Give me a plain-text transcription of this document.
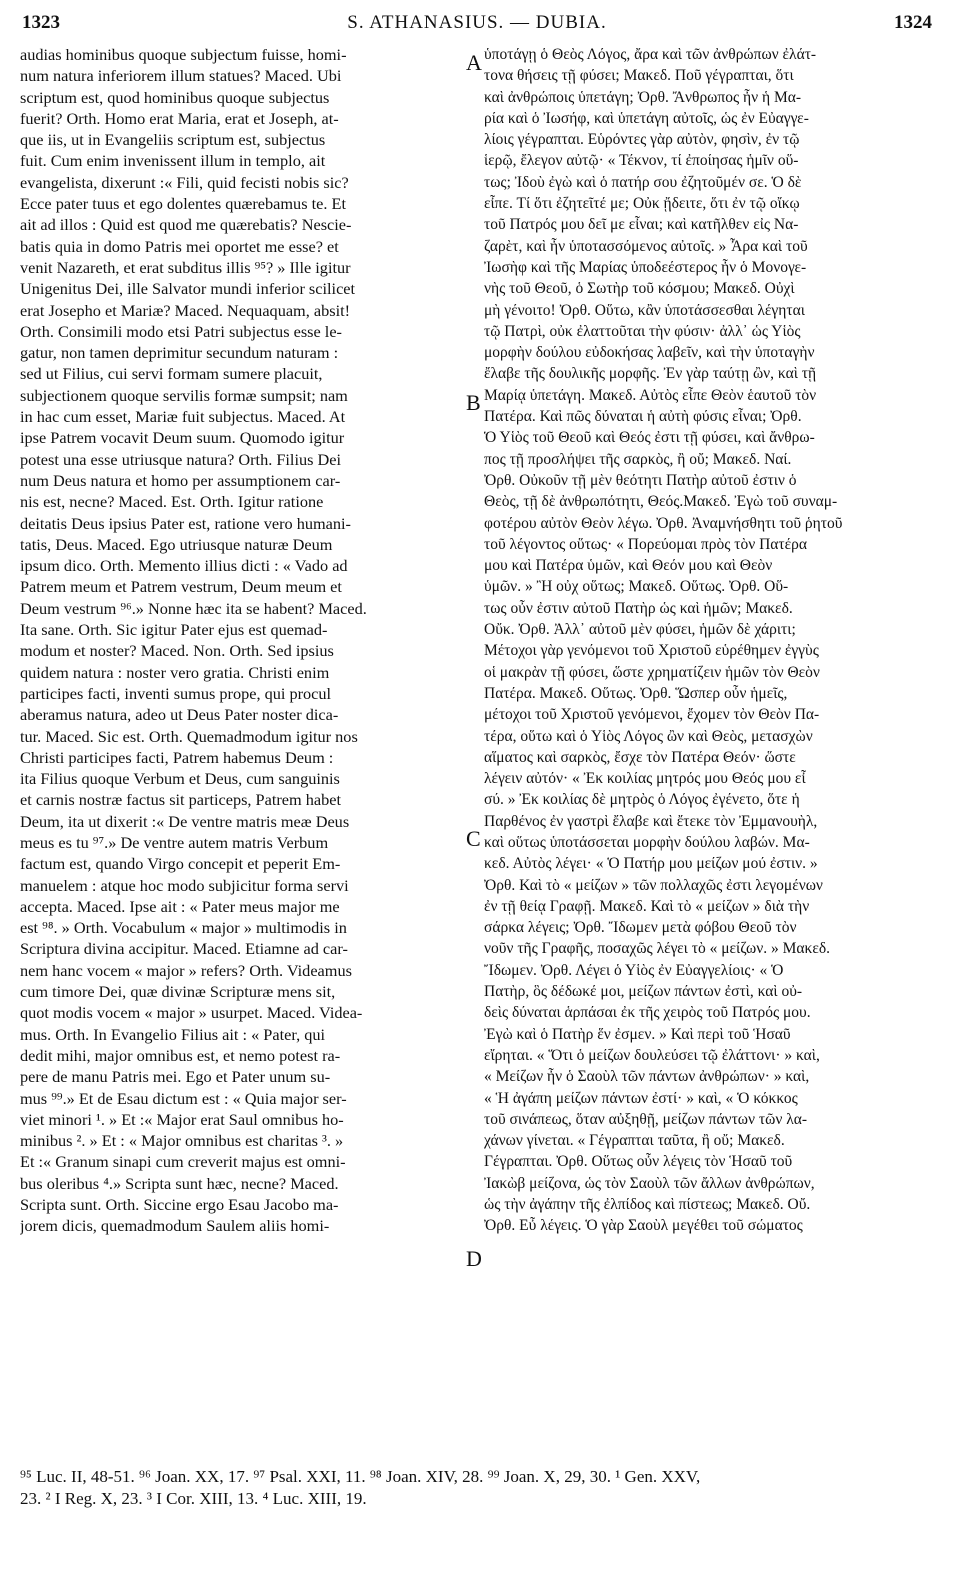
S. ATHANASIUS. — DUBIA.
1323	1324
audias hominibus quoque subjectum fuisse, homi-
num natura inferiorem illum statues? Maced. Ubi
scriptum est, quod hominibus quoque subjectus
fuerit? Orth. Homo erat Maria, erat et Joseph, at-
que iis, ut in Evangeliis scriptum est, subjectus
fuit. Cum enim invenissent illum in templo, ait
evangelista, dixerunt :« Fili, quid fecisti nobis sic?
Ecce pater tuus et ego dolentes quærebamus te. Et
ait ad illos : Quid est quod me quærebatis? Nescie-
batis quia in domo Patris mei oportet me esse? et
venit Nazareth, et erat subditus illis ⁹⁵? » Ille igitur
Unigenitus Dei, ille Salvator mundi inferior scilicet
erat Josepho et Mariæ? Maced. Nequaquam, absit!
Orth. Consimili modo etsi Patri subjectus esse le-
gatur, non tamen deprimitur secundum naturam :
sed ut Filius, cui servi formam sumere placuit,
subjectionem quoque servilis formæ sumpsit; nam
in hac cum esset, Mariæ fuit subjectus. Maced. At
ipse Patrem vocavit Deum suum. Quomodo igitur
potest una esse utriusque natura? Orth. Filius Dei
num Deus natura et homo per assumptionem car-
nis est, necne? Maced. Est. Orth. Igitur ratione
deitatis Deus ipsius Pater est, ratione vero humani-
tatis, Deus. Maced. Ego utriusque naturæ Deum
ipsum dico. Orth. Memento illius dicti : « Vado ad
Patrem meum et Patrem vestrum, Deum meum et
Deum vestrum ⁹⁶.» Nonne hæc ita se habent? Maced.
Ita sane. Orth. Sic igitur Pater ejus est quemad-
modum et noster? Maced. Non. Orth. Sed ipsius
quidem natura : noster vero gratia. Christi enim
participes facti, inventi sumus prope, qui procul
aberamus natura, adeo ut Deus Pater noster dica-
tur. Maced. Sic est. Orth. Quemadmodum igitur nos
Christi participes facti, Patrem habemus Deum :
ita Filius quoque Verbum et Deus, cum sanguinis
et carnis nostræ factus sit particeps, Patrem habet
Deum, ita ut dixerit :« De ventre matris meæ Deus
meus es tu ⁹⁷.» De ventre autem matris Verbum
factum est, quando Virgo concepit et peperit Em-
manuelem : atque hoc modo subjicitur forma servi
accepta. Maced. Ipse ait : « Pater meus major me
est ⁹⁸. » Orth. Vocabulum « major » multimodis in
Scriptura divina accipitur. Maced. Etiamne ad car-
nem hanc vocem « major » refers? Orth. Videamus
cum timore Dei, quæ divinæ Scripturæ mens sit,
quot modis vocem « major » usurpet. Maced. Videa-
mus. Orth. In Evangelio Filius ait : « Pater, qui
dedit mihi, major omnibus est, et nemo potest ra-
pere de manu Patris mei. Ego et Pater unum su-
mus ⁹⁹.» Et de Esau dictum est : « Quia major ser-
viet minori ¹. » Et :« Major erat Saul omnibus ho-
minibus ². » Et : « Major omnibus est charitas ³. »
Et :« Granum sinapi cum creverit majus est omni-
bus oleribus ⁴.» Scripta sunt hæc, necne? Maced.
Scripta sunt. Orth. Siccine ergo Esau Jacobo ma-
jorem dicis, quemadmodum Saulem aliis homi-
ὑποτάγῃ ὁ Θεὸς Λόγος, ἄρα καὶ τῶν ἀνθρώπων ἐλάτ-
τονα θήσεις τῇ φύσει; Μακεδ. Ποῦ γέγραπται, ὅτι
καὶ ἀνθρώποις ὑπετάγη; Ὀρθ. Ἄνθρωπος ἦν ἡ Μα-
ρία καὶ ὁ Ἰωσήφ, καὶ ὑπετάγη αὐτοῖς, ὡς ἐν Εὐαγγε-
λίοις γέγραπται. Εὑρόντες γὰρ αὐτὸν, φησὶν, ἐν τῷ
ἱερῷ, ἔλεγον αὐτῷ· « Τέκνον, τί ἐποίησας ἡμῖν οὕ-
τως; Ἰδοὺ ἐγὼ καὶ ὁ πατήρ σου ἐζητοῦμέν σε. Ὁ δὲ
εἶπε. Τί ὅτι ἐζητεῖτέ με; Οὐκ ᾔδειτε, ὅτι ἐν τῷ οἴκῳ
τοῦ Πατρός μου δεῖ με εἶναι; καὶ κατῆλθεν εἰς Να-
ζαρὲτ, καὶ ἦν ὑποτασσόμενος αὐτοῖς. » Ἆρα καὶ τοῦ
Ἰωσὴφ καὶ τῆς Μαρίας ὑποδεέστερος ἦν ὁ Μονογε-
νὴς τοῦ Θεοῦ, ὁ Σωτὴρ τοῦ κόσμου; Μακεδ. Οὐχὶ
μὴ γένοιτο! Ὀρθ. Οὕτω, κἂν ὑποτάσσεσθαι λέγηται
τῷ Πατρὶ, οὐκ ἐλαττοῦται τὴν φύσιν· ἀλλ᾽ ὡς Υἱὸς
μορφὴν δούλου εὐδοκήσας λαβεῖν, καὶ τὴν ὑποταγὴν
ἔλαβε τῆς δουλικῆς μορφῆς. Ἐν γὰρ ταύτῃ ὢν, καὶ τῇ
Μαρίᾳ ὑπετάγη. Μακεδ. Αὐτὸς εἶπε Θεὸν ἑαυτοῦ τὸν
Πατέρα. Καὶ πῶς δύναται ἡ αὐτὴ φύσις εἶναι; Ὀρθ.
Ὁ Υἱὸς τοῦ Θεοῦ καὶ Θεός ἐστι τῇ φύσει, καὶ ἄνθρω-
πος τῇ προσλήψει τῆς σαρκὸς, ἢ οὔ; Μακεδ. Ναί.
Ὀρθ. Οὐκοῦν τῇ μὲν θεότητι Πατὴρ αὐτοῦ ἐστιν ὁ
Θεὸς, τῇ δὲ ἀνθρωπότητι, Θεός.Μακεδ. Ἐγὼ τοῦ συναμ-
φοτέρου αὐτὸν Θεὸν λέγω. Ὀρθ. Ἀναμνήσθητι τοῦ ῥητοῦ
τοῦ λέγοντος οὕτως· « Πορεύομαι πρὸς τὸν Πατέρα
μου καὶ Πατέρα ὑμῶν, καὶ Θεόν μου καὶ Θεὸν
ὑμῶν. » Ἢ οὐχ οὕτως; Μακεδ. Οὕτως. Ὀρθ. Οὕ-
τως οὖν ἐστιν αὐτοῦ Πατὴρ ὡς καὶ ἡμῶν; Μακεδ.
Οὔκ. Ὀρθ. Ἀλλ᾽ αὐτοῦ μὲν φύσει, ἡμῶν δὲ χάριτι;
Μέτοχοι γὰρ γενόμενοι τοῦ Χριστοῦ εὑρέθημεν ἐγγὺς
οἱ μακρὰν τῇ φύσει, ὥστε χρηματίζειν ἡμῶν τὸν Θεὸν
Πατέρα. Μακεδ. Οὕτως. Ὀρθ. Ὥσπερ οὖν ἡμεῖς,
μέτοχοι τοῦ Χριστοῦ γενόμενοι, ἔχομεν τὸν Θεὸν Πα-
τέρα, οὕτω καὶ ὁ Υἱὸς Λόγος ὢν καὶ Θεὸς, μετασχὼν
αἵματος καὶ σαρκὸς, ἔσχε τὸν Πατέρα Θεόν· ὥστε
λέγειν αὐτόν· « Ἐκ κοιλίας μητρός μου Θεός μου εἶ
σύ. » Ἐκ κοιλίας δὲ μητρὸς ὁ Λόγος ἐγένετο, ὅτε ἡ
Παρθένος ἐν γαστρὶ ἔλαβε καὶ ἔτεκε τὸν Ἐμμανουὴλ,
καὶ οὕτως ὑποτάσσεται μορφὴν δούλου λαβών. Μα-
κεδ. Αὐτὸς λέγει· « Ὁ Πατήρ μου μείζων μού ἐστιν. »
Ὀρθ. Καὶ τὸ « μείζων » τῶν πολλαχῶς ἐστι λεγομένων
ἐν τῇ θείᾳ Γραφῇ. Μακεδ. Καὶ τὸ « μείζων » διὰ τὴν
σάρκα λέγεις; Ὀρθ. Ἴδωμεν μετὰ φόβου Θεοῦ τὸν
νοῦν τῆς Γραφῆς, ποσαχῶς λέγει τὸ « μείζων. » Μακεδ.
Ἴδωμεν. Ὀρθ. Λέγει ὁ Υἱὸς ἐν Εὐαγγελίοις· « Ὁ
Πατὴρ, ὃς δέδωκέ μοι, μείζων πάντων ἐστὶ, καὶ οὐ-
δεὶς δύναται ἁρπάσαι ἐκ τῆς χειρὸς τοῦ Πατρός μου.
Ἐγὼ καὶ ὁ Πατὴρ ἕν ἐσμεν. » Καὶ περὶ τοῦ Ἡσαῦ
εἴρηται. « Ὅτι ὁ μείζων δουλεύσει τῷ ἐλάττονι· » καὶ,
« Μείζων ἦν ὁ Σαοὺλ τῶν πάντων ἀνθρώπων· » καὶ,
« Ἡ ἀγάπη μείζων πάντων ἐστί· » καὶ, « Ὁ κόκκος
τοῦ σινάπεως, ὅταν αὐξηθῇ, μείζων πάντων τῶν λα-
χάνων γίνεται. « Γέγραπται ταῦτα, ἢ οὔ; Μακεδ.
Γέγραπται. Ὀρθ. Οὕτως οὖν λέγεις τὸν Ἡσαῦ τοῦ
Ἰακὼβ μείζονα, ὡς τὸν Σαοὺλ τῶν ἄλλων ἀνθρώπων,
ὡς τὴν ἀγάπην τῆς ἐλπίδος καὶ πίστεως; Μακεδ. Οὔ.
Ὀρθ. Εὖ λέγεις. Ὁ γὰρ Σαοὺλ μεγέθει τοῦ σώματος
A
B
C
D
⁹⁵ Luc. II, 48-51. ⁹⁶ Joan. XX, 17. ⁹⁷ Psal. XXI, 11. ⁹⁸ Joan. XIV, 28. ⁹⁹ Joan. X, 29, 30. ¹ Gen. XXV,
23. ² I Reg. X, 23. ³ I Cor. XIII, 13. ⁴ Luc. XIII, 19.
